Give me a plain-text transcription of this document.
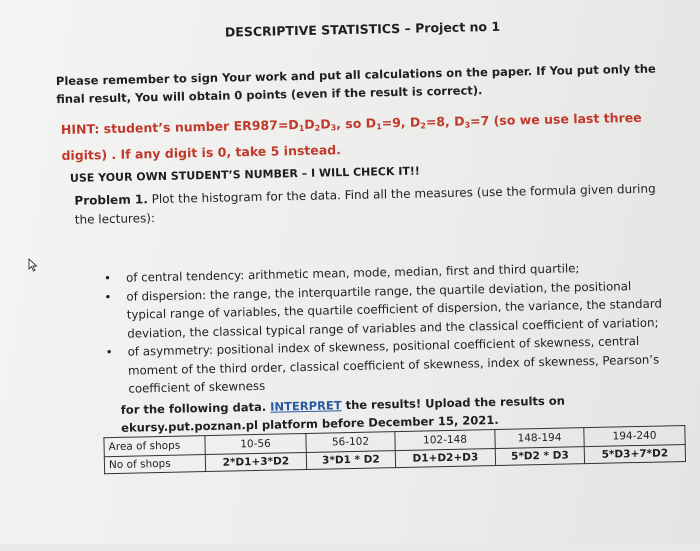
DESCRIPTIVE STATISTICS – Project no 1
Please remember to sign Your work and put all calculations on the paper. If You put only the final result, You will obtain 0 points (even if the result is correct).
HINT: student’s number $ER987=D_1D_2D_3$, so $D_1=9$, $D_2=8$, $D_3=7$ (so we use last three digits) . If any digit is 0, take 5 instead.
USE YOUR OWN STUDENT’S NUMBER – I WILL CHECK IT!!
Problem 1. Plot the histogram for the data. Find all the measures (use the formula given during the lectures):
• of central tendency: arithmetic mean, mode, median, first and third quartile;
• of dispersion: the range, the interquartile range, the quartile deviation, the positional typical range of variables, the quartile coefficient of dispersion, the variance, the standard deviation, the classical typical range of variables and the classical coefficient of variation;
• of asymmetry: positional index of skewness, positional coefficient of skewness, central moment of the third order, classical coefficient of skewness, index of skewness, Pearson’s coefficient of skewness
for the following data. INTERPRET the results! Upload the results on ekursy.put.poznan.pl platform before December 15, 2021.
Area of shops	10-56	56-102	102-148	148-194	194-240
No of shops	2*D1+3*D2	3*D1 * D2	D1+D2+D3	5*D2 * D3	5*D3+7*D2
